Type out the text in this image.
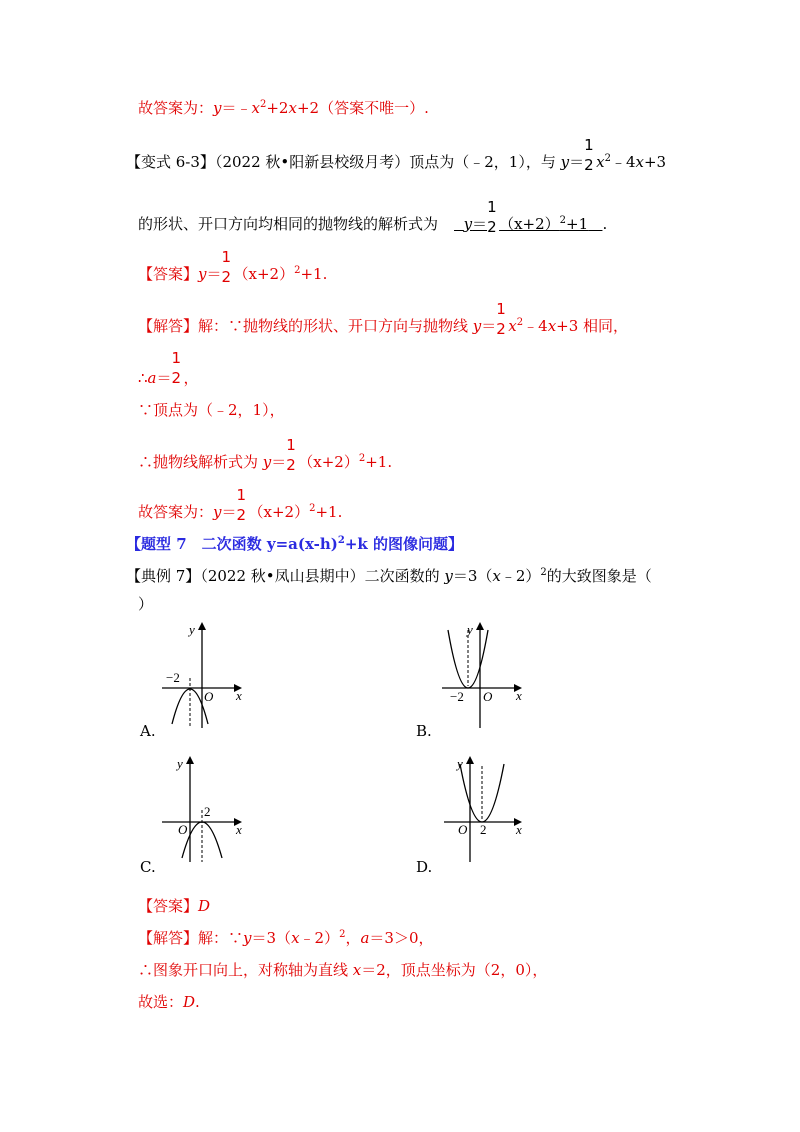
故答案为：$y=﹣x^2+2x+2$（答案不唯一）.
【变式 6-3】（2022 秋•阳新县校级月考）顶点为（﹣2，1），与 y＝
1
2 $x^2﹣4x+3$
的形状、开口方向均相同的抛物线的解析式为 y＝
1
2 $(x+2)^2+1$ .
【答案】y＝
1
2 $(x+2)^2+1$.
【解答】解：∵抛物线的形状、开口方向与抛物线 y＝
1
2 $x^2﹣4x+3$ 相同，
∴a＝
1
2 ，
∵顶点为（﹣2，1），
∴抛物线解析式为 y＝
1
2 $(x+2)^2+1$.
故答案为：y＝
1
2 $(x+2)^2+1$.
【题型 7　二次函数 $y=a(x-h)^2+k$ 的图像问题】
【典例 7】（2022 秋•凤山县期中）二次函数的 y＝3（x﹣2）$^2$的大致图象是（
）
y
x
O
−2
A.
y
x
O
−2
B.
y
x
O
2
C.
y
x
O 2
D.
【答案】D
【解答】解：∵y＝3（x﹣2）$^2$，a＝3＞0，
∴图象开口向上，对称轴为直线 x＝2，顶点坐标为（2，0），
故选：D.
